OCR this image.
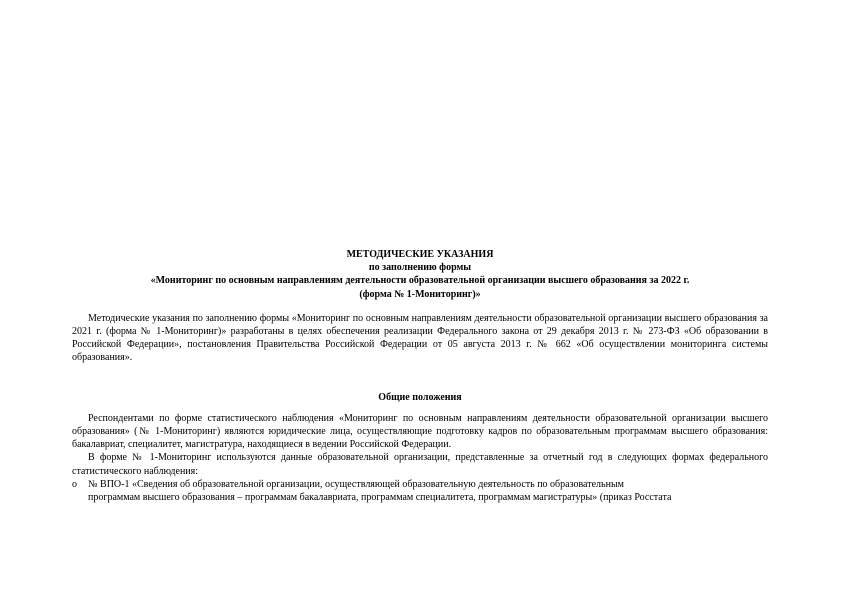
МЕТОДИЧЕСКИЕ УКАЗАНИЯ

по заполнению формы

«Мониторинг по основным направлениям деятельности образовательной организации высшего образования за 2022 г.

(форма № 1-Мониторинг)»

Методические указания по заполнению формы «Мониторинг по основным направлениям деятельности образовательной организации высшего образования за 2021 г. (форма № 1-Мониторинг)» разработаны в целях обеспечения реализации Федерального закона от 29 декабря 2013 г. № 273-ФЗ «Об образовании в Российской Федерации», постановления Правительства Российской Федерации от 05 августа 2013 г. № 662 «Об осуществлении мониторинга системы образования».

Общие положения

Респондентами по форме статистического наблюдения «Мониторинг по основным направлениям деятельности образовательной организации высшего образования» (№ 1-Мониторинг) являются юридические лица, осуществляющие подготовку кадров по образовательным программам высшего образования: бакалавриат, специалитет, магистратура, находящиеся в ведении Российской Федерации.

В форме № 1-Мониторинг используются данные образовательной организации, представленные за отчетный год в следующих формах федерального статистического наблюдения:

o № ВПО-1 «Сведения об образовательной организации, осуществляющей образовательную деятельность по образовательным
программам высшего образования – программам бакалавриата, программам специалитета, программам магистратуры» (приказ Росстата
